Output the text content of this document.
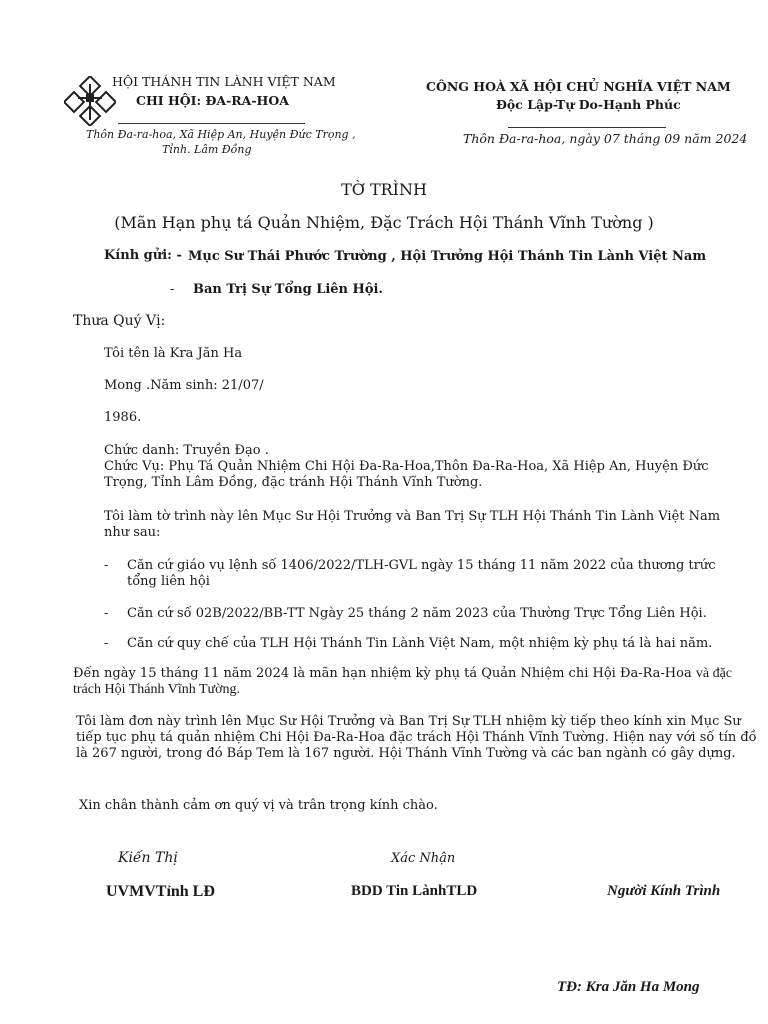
HỘI THÁNH TIN LÀNH VIỆT NAM
CHI HỘI: ĐA-RA-HOA
Thôn Đa-ra-hoa, Xã Hiệp An, Huyện Đức Trọng ,
Tỉnh. Lâm Đồng
CÔNG HOÀ XÃ HỘI CHỦ NGHĨA VIỆT NAM
Độc Lập-Tự Do-Hạnh Phúc
Thôn Đa-ra-hoa, ngày 07 tháng 09 năm 2024
TỜ TRÌNH
(Mãn Hạn phụ tá Quản Nhiệm, Đặc Trách Hội Thánh Vĩnh Tường )
Kính gửi: - Mục Sư Thái Phước Trường , Hội Trưởng Hội Thánh Tin Lành Việt Nam
- Ban Trị Sự Tổng Liên Hội.
Thưa Quý Vị:
Tôi tên là Kra Jăn Ha
Mong .Năm sinh: 21/07/
1986.
Chức danh: Truyền Đạo .
Chức Vụ: Phụ Tá Quản Nhiệm Chi Hội Đa-Ra-Hoa,Thôn Đa-Ra-Hoa, Xã Hiệp An, Huyện Đức Trọng, Tỉnh Lâm Đồng, đặc tránh Hội Thánh Vĩnh Tường.
Tôi làm tờ trình này lên Mục Sư Hội Trưởng và Ban Trị Sự TLH Hội Thánh Tin Lành Việt Nam như sau:
- Căn cứ giáo vụ lệnh số 1406/2022/TLH-GVL ngày 15 tháng 11 năm 2022 của thương trức tổng liên hội
- Căn cứ số 02B/2022/BB-TT Ngày 25 tháng 2 năm 2023 của Thường Trực Tổng Liên Hội.
- Căn cứ quy chế của TLH Hội Thánh Tin Lành Việt Nam, một nhiệm kỳ phụ tá là hai năm.
Đến ngày 15 tháng 11 năm 2024 là mãn hạn nhiệm kỳ phụ tá Quản Nhiệm chi Hội Đa-Ra-Hoa và đặc trách Hội Thánh Vĩnh Tường.
Tôi làm đơn này trình lên Mục Sư Hội Trưởng và Ban Trị Sự TLH nhiệm kỳ tiếp theo kính xin Mục Sư tiếp tục phụ tá quản nhiệm Chi Hội Đa-Ra-Hoa đặc trách Hội Thánh Vĩnh Tường. Hiện nay với số tín đồ là 267 người, trong đó Báp Tem là 167 người. Hội Thánh Vĩnh Tường và các ban ngành có gây dựng.
Xin chân thành cảm ơn quý vị và trân trọng kính chào.
Kiến Thị	Xác Nhận
UVMVTỉnh LĐ	BDD Tin LànhTLD	Người Kính Trình
TĐ: Kra Jăn Ha Mong
